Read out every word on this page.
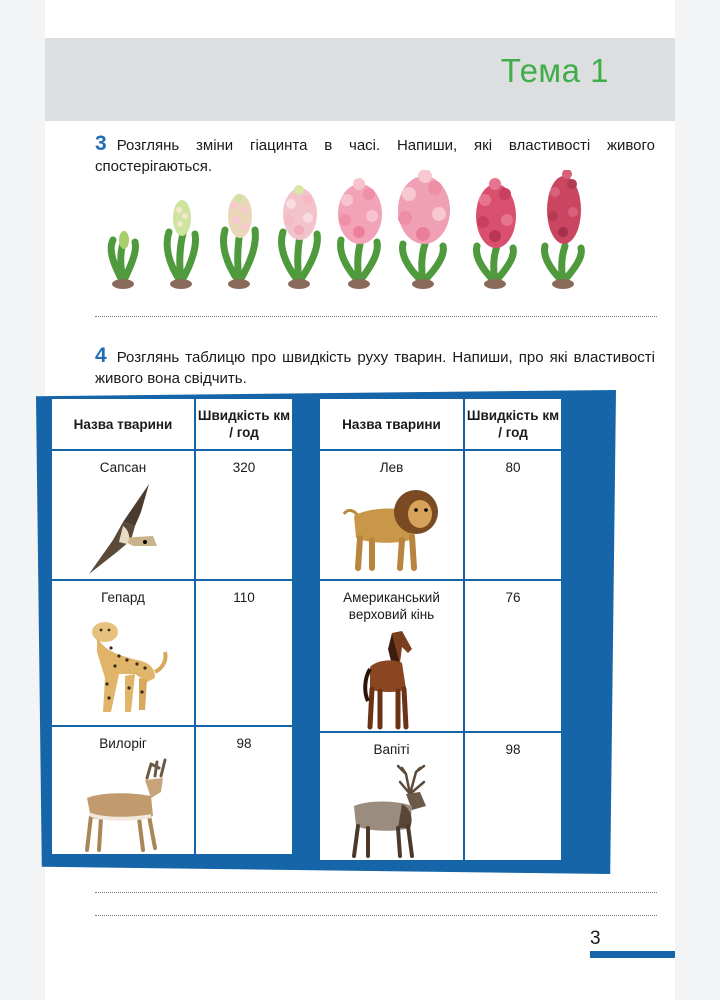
Тема 1
3 Розглянь зміни гіацинта в часі. Напиши, які властивості живого спостерігаються.
4 Розглянь таблицю про швидкість руху тварин. Напиши, про які властивості живого вона свідчить.
Назва тварини	Швидкість км / год

Сапсан	320

Гепард	110

Вилоріг	98
Назва тварини	Швидкість км / год

Лев	80

Американський верховий кінь	76

Вапіті	98
3
